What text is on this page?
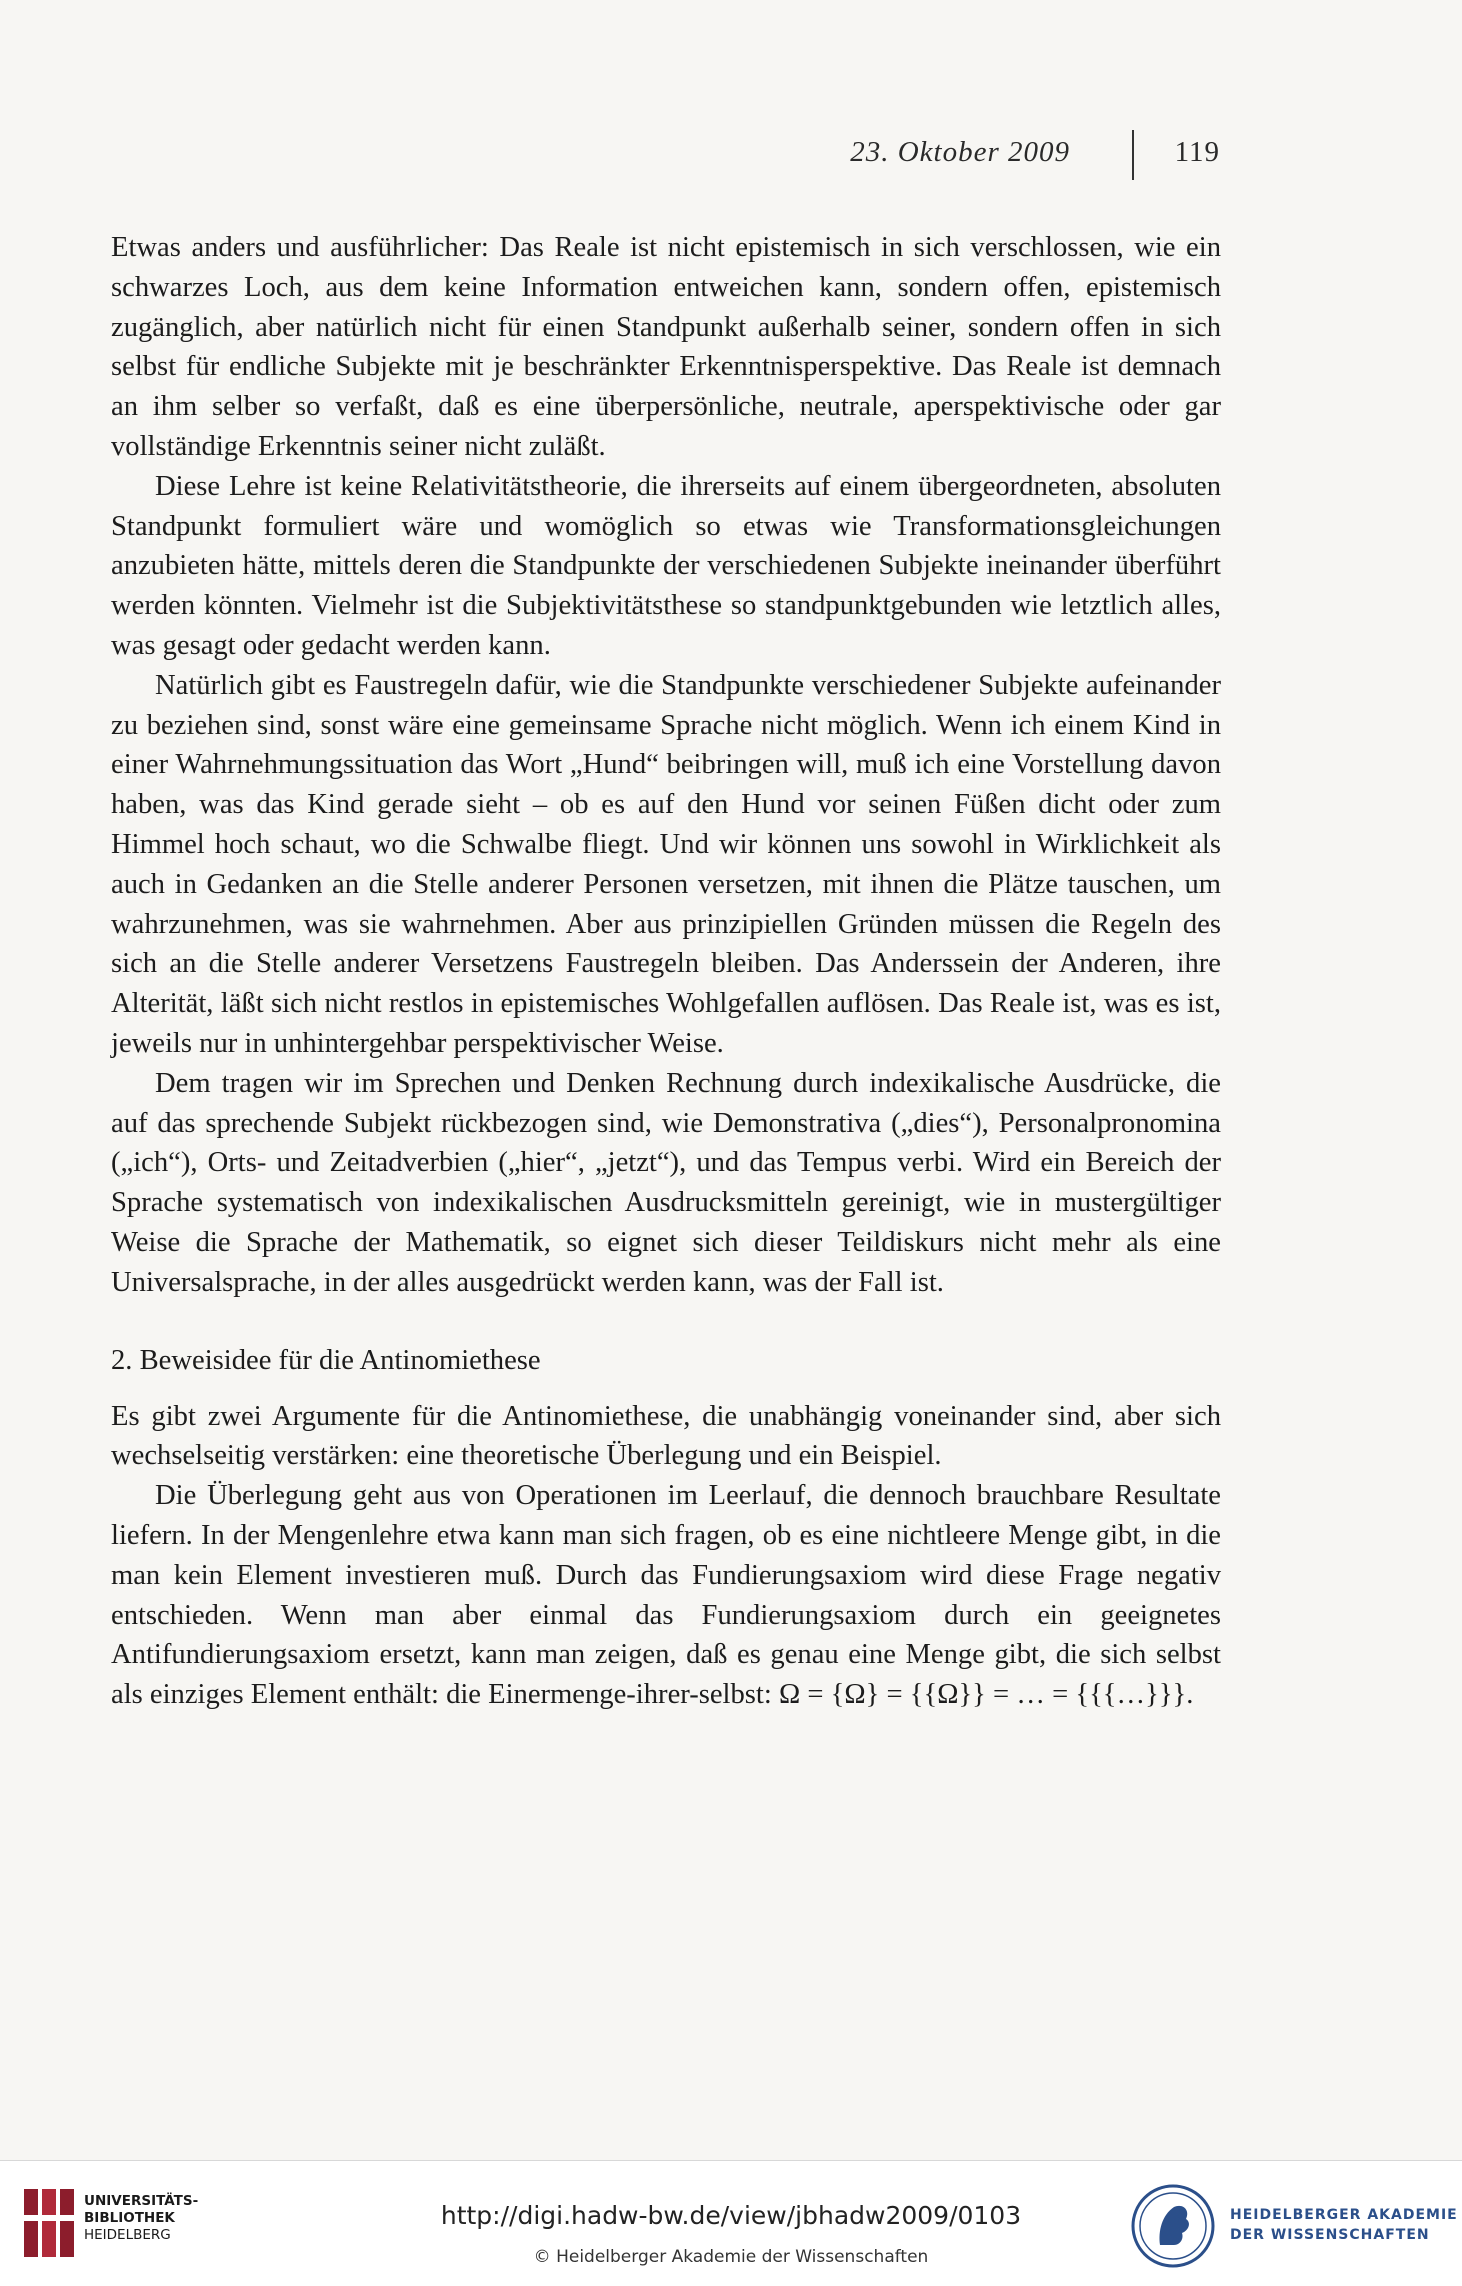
23. Oktober 2009	119

Etwas anders und ausführlicher: Das Reale ist nicht epistemisch in sich verschlossen, wie ein schwarzes Loch, aus dem keine Information entweichen kann, sondern offen, epistemisch zugänglich, aber natürlich nicht für einen Standpunkt außerhalb seiner, sondern offen in sich selbst für endliche Subjekte mit je beschränkter Erkenntnisperspektive. Das Reale ist demnach an ihm selber so verfaßt, daß es eine überpersönliche, neutrale, aperspektivische oder gar vollständige Erkenntnis seiner nicht zuläßt.

Diese Lehre ist keine Relativitätstheorie, die ihrerseits auf einem übergeordneten, absoluten Standpunkt formuliert wäre und womöglich so etwas wie Transformationsgleichungen anzubieten hätte, mittels deren die Standpunkte der verschiedenen Subjekte ineinander überführt werden könnten. Vielmehr ist die Subjektivitätsthese so standpunktgebunden wie letztlich alles, was gesagt oder gedacht werden kann.

Natürlich gibt es Faustregeln dafür, wie die Standpunkte verschiedener Subjekte aufeinander zu beziehen sind, sonst wäre eine gemeinsame Sprache nicht möglich. Wenn ich einem Kind in einer Wahrnehmungssituation das Wort „Hund“ beibringen will, muß ich eine Vorstellung davon haben, was das Kind gerade sieht – ob es auf den Hund vor seinen Füßen dicht oder zum Himmel hoch schaut, wo die Schwalbe fliegt. Und wir können uns sowohl in Wirklichkeit als auch in Gedanken an die Stelle anderer Personen versetzen, mit ihnen die Plätze tauschen, um wahrzunehmen, was sie wahrnehmen. Aber aus prinzipiellen Gründen müssen die Regeln des sich an die Stelle anderer Versetzens Faustregeln bleiben. Das Anderssein der Anderen, ihre Alterität, läßt sich nicht restlos in epistemisches Wohlgefallen auflösen. Das Reale ist, was es ist, jeweils nur in unhintergehbar perspektivischer Weise.

Dem tragen wir im Sprechen und Denken Rechnung durch indexikalische Ausdrücke, die auf das sprechende Subjekt rückbezogen sind, wie Demonstrativa („dies“), Personalpronomina („ich“), Orts- und Zeitadverbien („hier“, „jetzt“), und das Tempus verbi. Wird ein Bereich der Sprache systematisch von indexikalischen Ausdrucksmitteln gereinigt, wie in mustergültiger Weise die Sprache der Mathematik, so eignet sich dieser Teildiskurs nicht mehr als eine Universalsprache, in der alles ausgedrückt werden kann, was der Fall ist.

2. Beweisidee für die Antinomiethese

Es gibt zwei Argumente für die Antinomiethese, die unabhängig voneinander sind, aber sich wechselseitig verstärken: eine theoretische Überlegung und ein Beispiel.

Die Überlegung geht aus von Operationen im Leerlauf, die dennoch brauchbare Resultate liefern. In der Mengenlehre etwa kann man sich fragen, ob es eine nichtleere Menge gibt, in die man kein Element investieren muß. Durch das Fundierungsaxiom wird diese Frage negativ entschieden. Wenn man aber einmal das Fundierungsaxiom durch ein geeignetes Antifundierungsaxiom ersetzt, kann man zeigen, daß es genau eine Menge gibt, die sich selbst als einziges Element enthält: die Einermenge-ihrer-selbst: Ω = {Ω} = {{Ω}} = … = {{{…}}}.

UNIVERSITÄTS-
BIBLIOTHEK
HEIDELBERG
http://digi.hadw-bw.de/view/jbhadw2009/0103
© Heidelberger Akademie der Wissenschaften
HEIDELBERGER AKADEMIE
DER WISSENSCHAFTEN
